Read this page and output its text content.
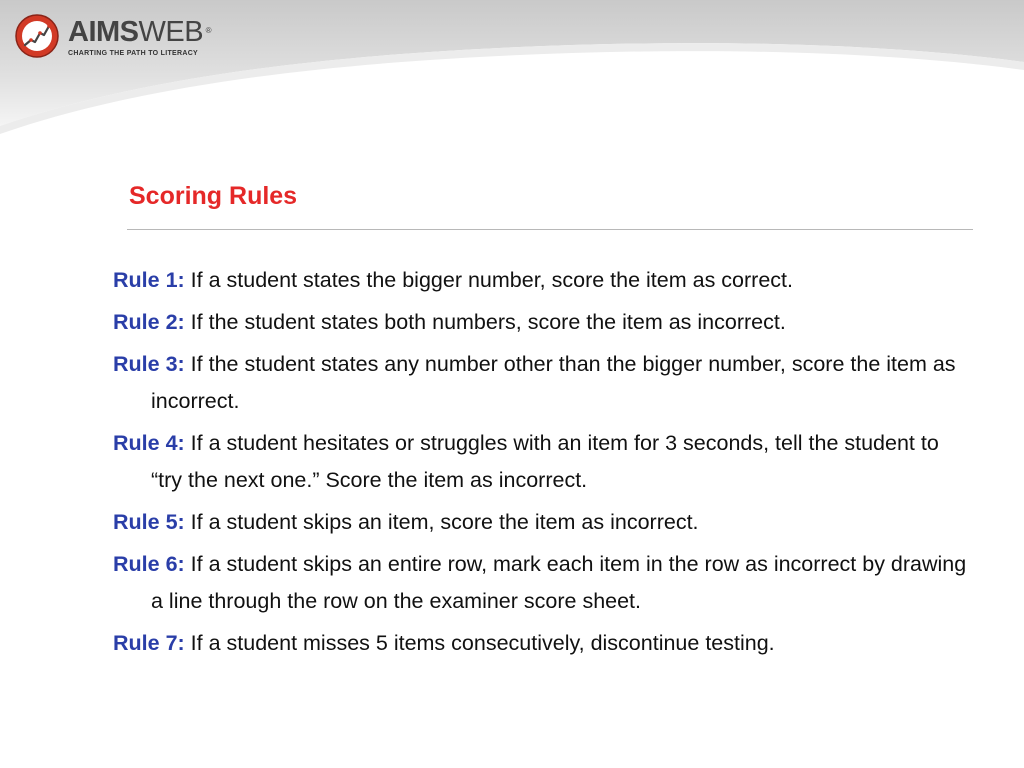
AIMSWEB ®
CHARTING THE PATH TO LITERACY
Scoring Rules
Rule 1: If a student states the bigger number, score the item as correct.
Rule 2: If the student states both numbers, score the item as incorrect.
Rule 3: If the student states any number other than the bigger number, score the item as incorrect.
Rule 4: If a student hesitates or struggles with an item for 3 seconds, tell the student to “try the next one.” Score the item as incorrect.
Rule 5: If a student skips an item, score the item as incorrect.
Rule 6: If a student skips an entire row, mark each item in the row as incorrect by drawing a line through the row on the examiner score sheet.
Rule 7: If a student misses 5 items consecutively, discontinue testing.
